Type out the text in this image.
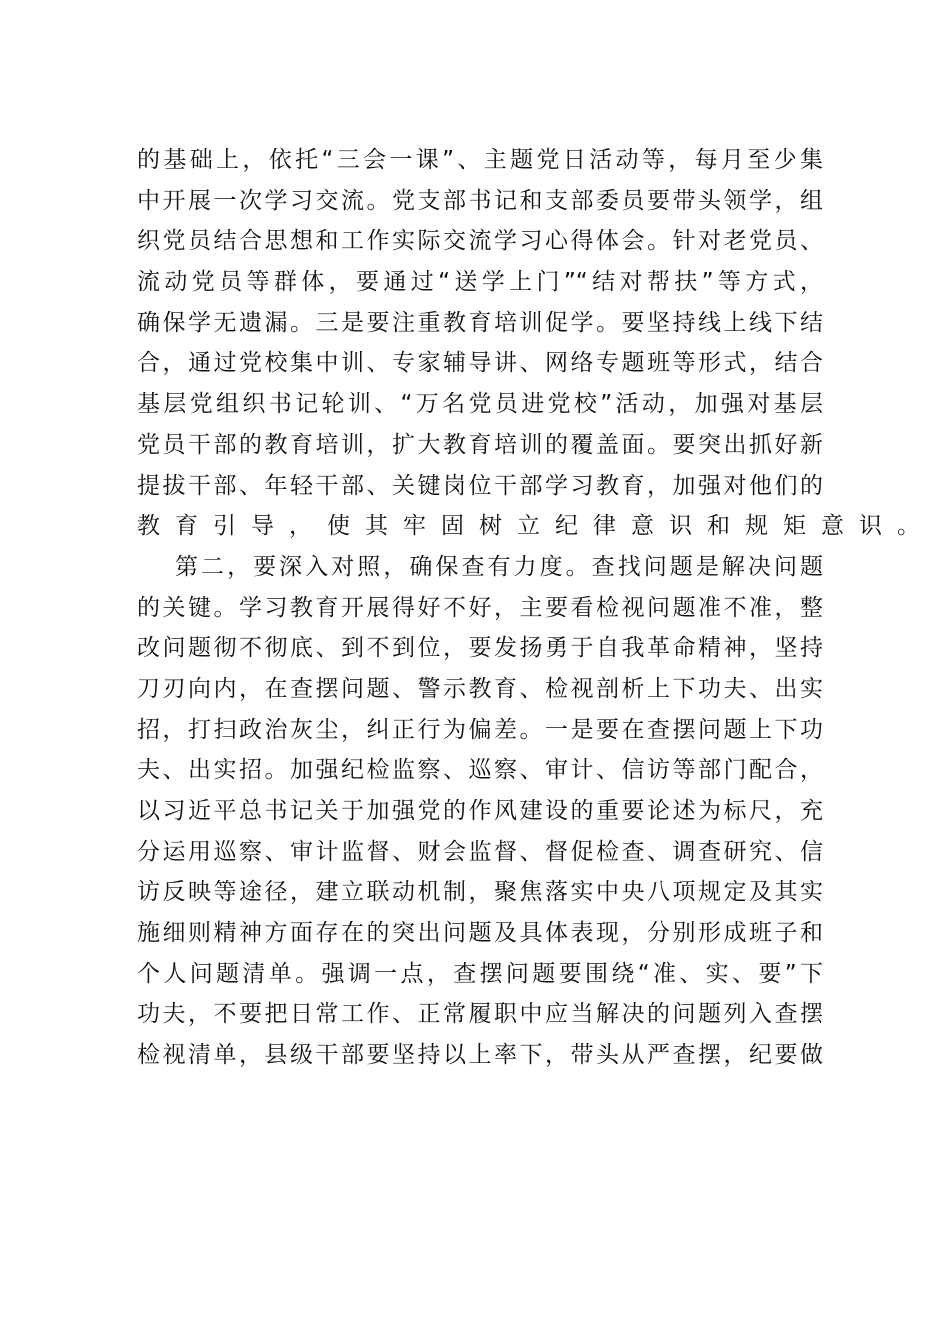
的基础上，依托“三会一课”、主题党日活动等，每月至少集
中开展一次学习交流。党支部书记和支部委员要带头领学，组
织党员结合思想和工作实际交流学习心得体会。针对老党员、
流动党员等群体，要通过“送学上门”“结对帮扶”等方式，
确保学无遗漏。三是要注重教育培训促学。要坚持线上线下结
合，通过党校集中训、专家辅导讲、网络专题班等形式，结合
基层党组织书记轮训、“万名党员进党校”活动，加强对基层
党员干部的教育培训，扩大教育培训的覆盖面。要突出抓好新
提拔干部、年轻干部、关键岗位干部学习教育，加强对他们的
教育引导，使其牢固树立纪律意识和规矩意识。
第二，要深入对照，确保查有力度。查找问题是解决问题
的关键。学习教育开展得好不好，主要看检视问题准不准，整
改问题彻不彻底、到不到位，要发扬勇于自我革命精神，坚持
刀刃向内，在查摆问题、警示教育、检视剖析上下功夫、出实
招，打扫政治灰尘，纠正行为偏差。一是要在查摆问题上下功
夫、出实招。加强纪检监察、巡察、审计、信访等部门配合，
以习近平总书记关于加强党的作风建设的重要论述为标尺，充
分运用巡察、审计监督、财会监督、督促检查、调查研究、信
访反映等途径，建立联动机制，聚焦落实中央八项规定及其实
施细则精神方面存在的突出问题及具体表现，分别形成班子和
个人问题清单。强调一点，查摆问题要围绕“准、实、要”下
功夫，不要把日常工作、正常履职中应当解决的问题列入查摆
检视清单，县级干部要坚持以上率下，带头从严查摆，纪要做
